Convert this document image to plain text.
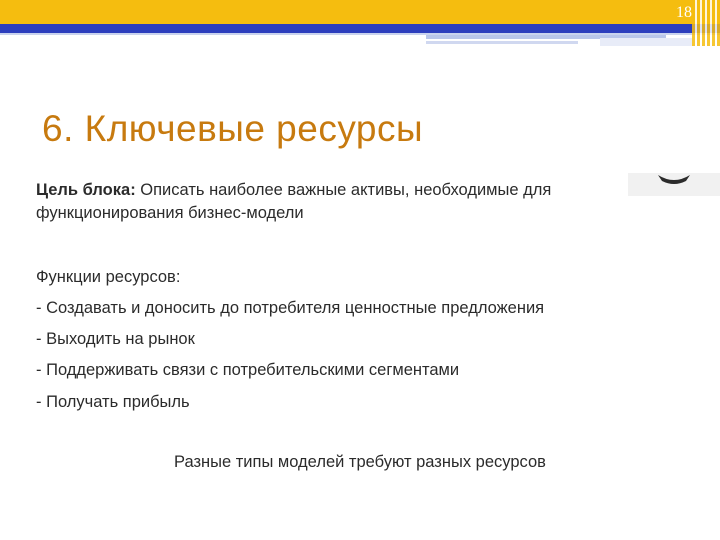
18
6. Ключевые ресурсы
Цель блока: Описать наиболее важные активы, необходимые для функционирования бизнес-модели
Функции ресурсов:
- Создавать и доносить до потребителя ценностные предложения
- Выходить на рынок
- Поддерживать связи с потребительскими сегментами
- Получать прибыль
Разные типы моделей требуют разных ресурсов
